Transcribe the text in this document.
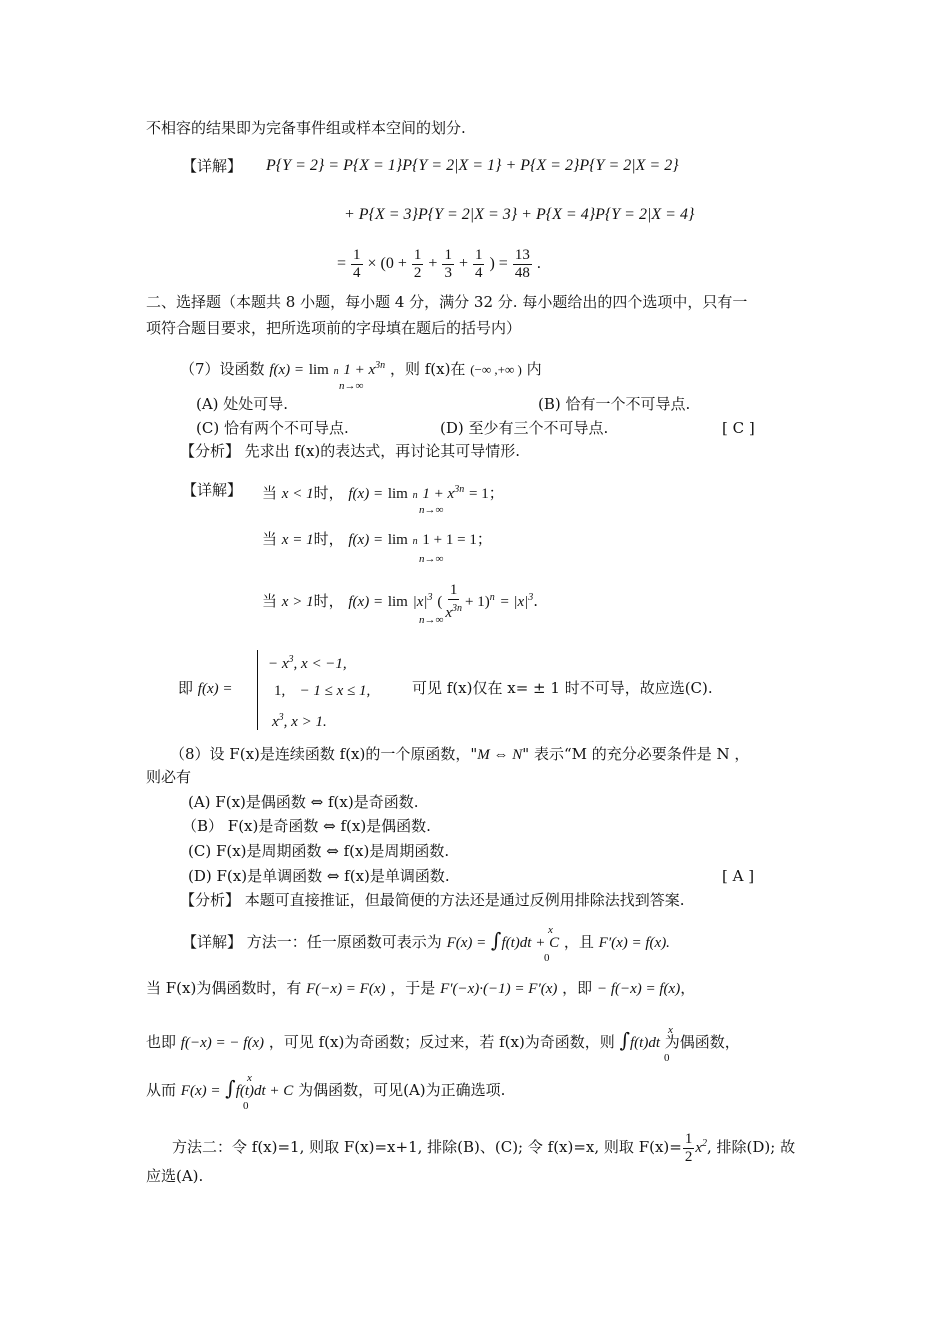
不相容的结果即为完备事件组或样本空间的划分.
【详解】 P{Y = 2} = P{X = 1}P{Y = 2|X = 1} + P{X = 2}P{Y = 2|X = 2}
+ P{X = 3}P{Y = 2|X = 3} + P{X = 4}P{Y = 2|X = 4}
= $\frac{1}{4} \times (0 + \frac{1}{2} + \frac{1}{3} + \frac{1}{4}$ ) = $\frac{13}{48}$ .
二、选择题（本题共 8 小题，每小题 4 分，满分 32 分. 每小题给出的四个选项中，只有一
项符合题目要求，把所选项前的字母填在题后的括号内）
（7）设函数 f(x) = lim n $1 + x^{3n}$ ，则 f(x)在 (−∞ ,+∞ ) 内
n→∞
(A) 处处可导.	(B) 恰有一个不可导点.
(C) 恰有两个不可导点.	(D) 至少有三个不可导点.	[ C ]
【分析】 先求出 f(x)的表达式，再讨论其可导情形.
【详解】 当 x < 1时， f(x) = lim n $1 + x^{3n} = 1$；
n→∞
当 x = 1时， f(x) = lim n 1 + 1 = 1；
n→∞
当 x > 1时， $f(x) = \lim |x|^3$ ( $\frac{1}{x^{3n}} + 1)^n = |x|^3$.
n→∞
即 f(x) =
− $x^3$, x < −1,
1, − 1 ≤ x ≤ 1,
$x^3$, x > 1.
可见 f(x)仅在 x= ± 1 时不可导，故应选(C).
（8）设 F(x)是连续函数 f(x)的一个原函数，"M ⇔ N" 表示“M 的充分必要条件是 N ，
则必有
(A) F(x)是偶函数 ⇔ f(x)是奇函数.
（B） F(x)是奇函数 ⇔ f(x)是偶函数.
(C) F(x)是周期函数 ⇔ f(x)是周期函数.
(D) F(x)是单调函数 ⇔ f(x)是单调函数.	[ A ]
【分析】 本题可直接推证，但最简便的方法还是通过反例用排除法找到答案.
【详解】 方法一：任一原函数可表示为 F(x) = ∫f(t)dt + C ，且 F′(x) = f(x).
x
0
当 F(x)为偶函数时，有 F(−x) = F(x) ，于是 F′(−x)·(−1) = F′(x) ，即 − f(−x) = f(x)，
也即 f(−x) = − f(x) ，可见 f(x)为奇函数；反过来，若 f(x)为奇函数，则 ∫f(t)dt 为偶函数，
x
0
从而 F(x) = ∫f(t)dt + C 为偶函数，可见(A)为正确选项.
x
0
方法二：令 f(x)=1, 则取 F(x)=x+1, 排除(B)、(C); 令 f(x)=x, 则取 $F(x)= \frac{1}{2} x^2$, 排除(D); 故
应选(A).
